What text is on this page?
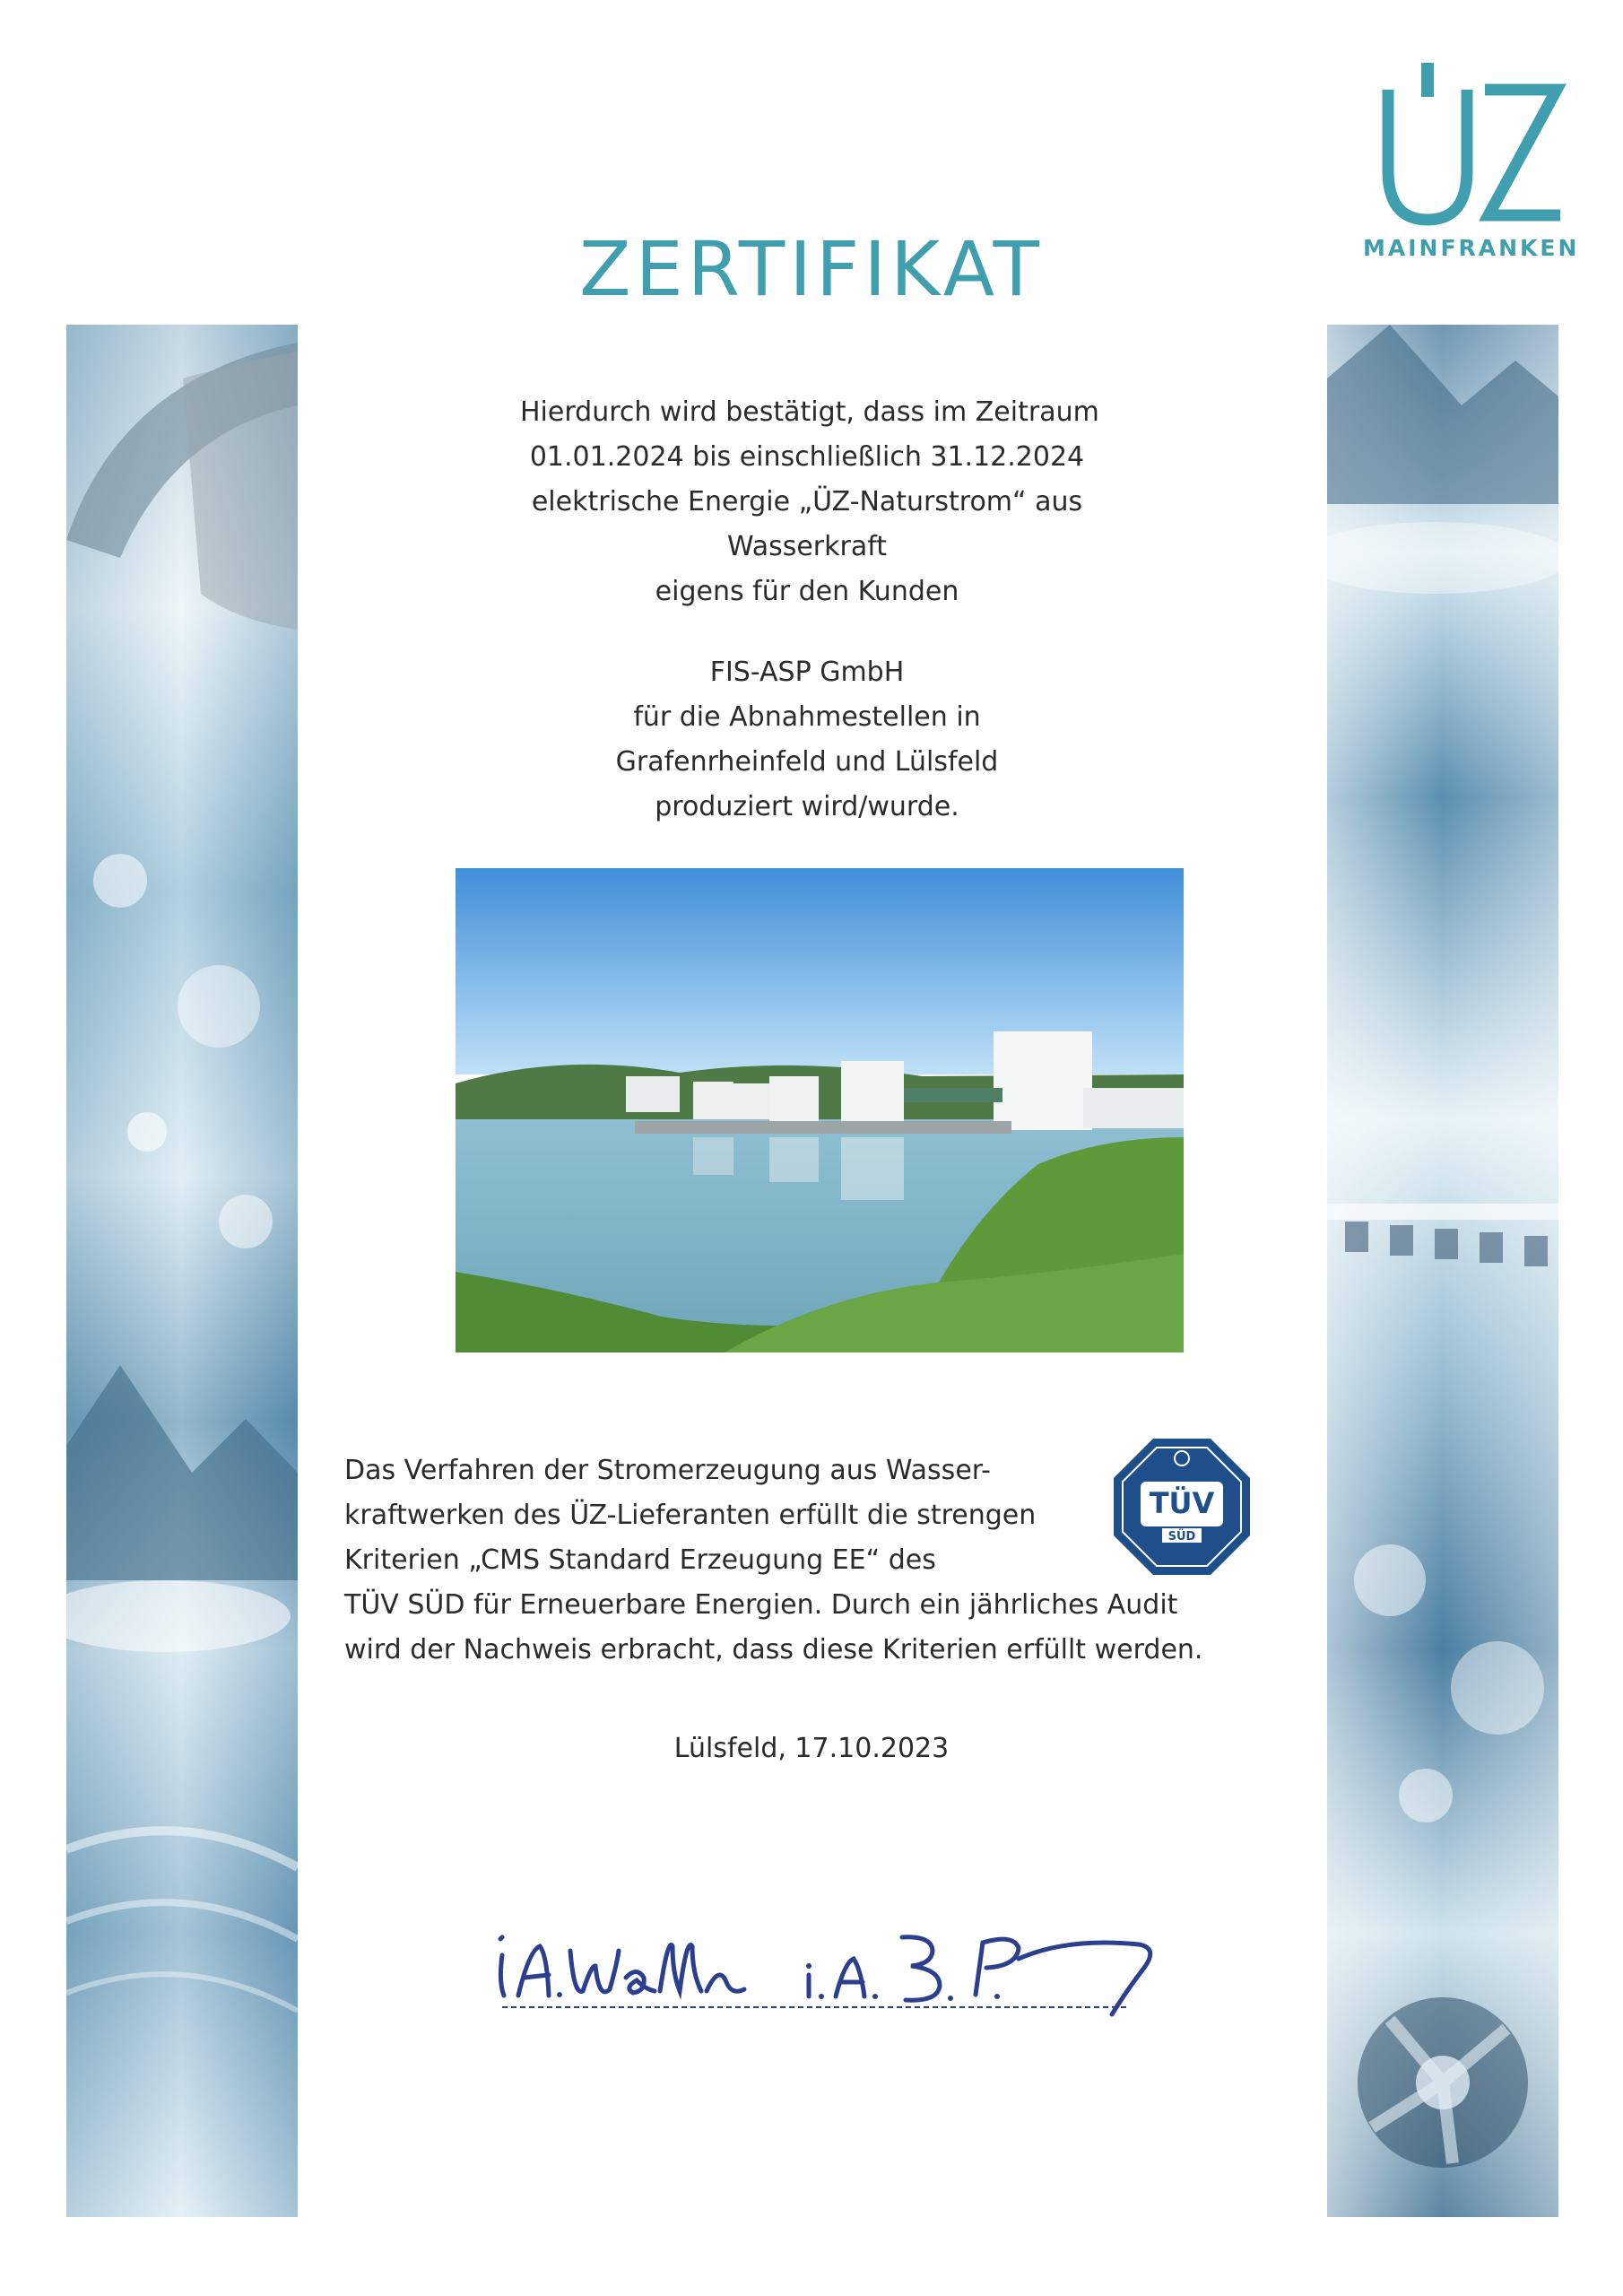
MAINFRANKEN
ZERTIFIKAT
Hierdurch wird bestätigt, dass im Zeitraum
01.01.2024 bis einschließlich 31.12.2024
elektrische Energie „ÜZ-Naturstrom“ aus
Wasserkraft
eigens für den Kunden
FIS-ASP GmbH
für die Abnahmestellen in
Grafenrheinfeld und Lülsfeld
produziert wird/wurde.
Das Verfahren der Stromerzeugung aus Wasser-
kraftwerken des ÜZ-Lieferanten erfüllt die strengen
Kriterien „CMS Standard Erzeugung EE“ des
TÜV SÜD für Erneuerbare Energien. Durch ein jährliches Audit
wird der Nachweis erbracht, dass diese Kriterien erfüllt werden.
TÜV
SÜD
Lülsfeld, 17.10.2023
